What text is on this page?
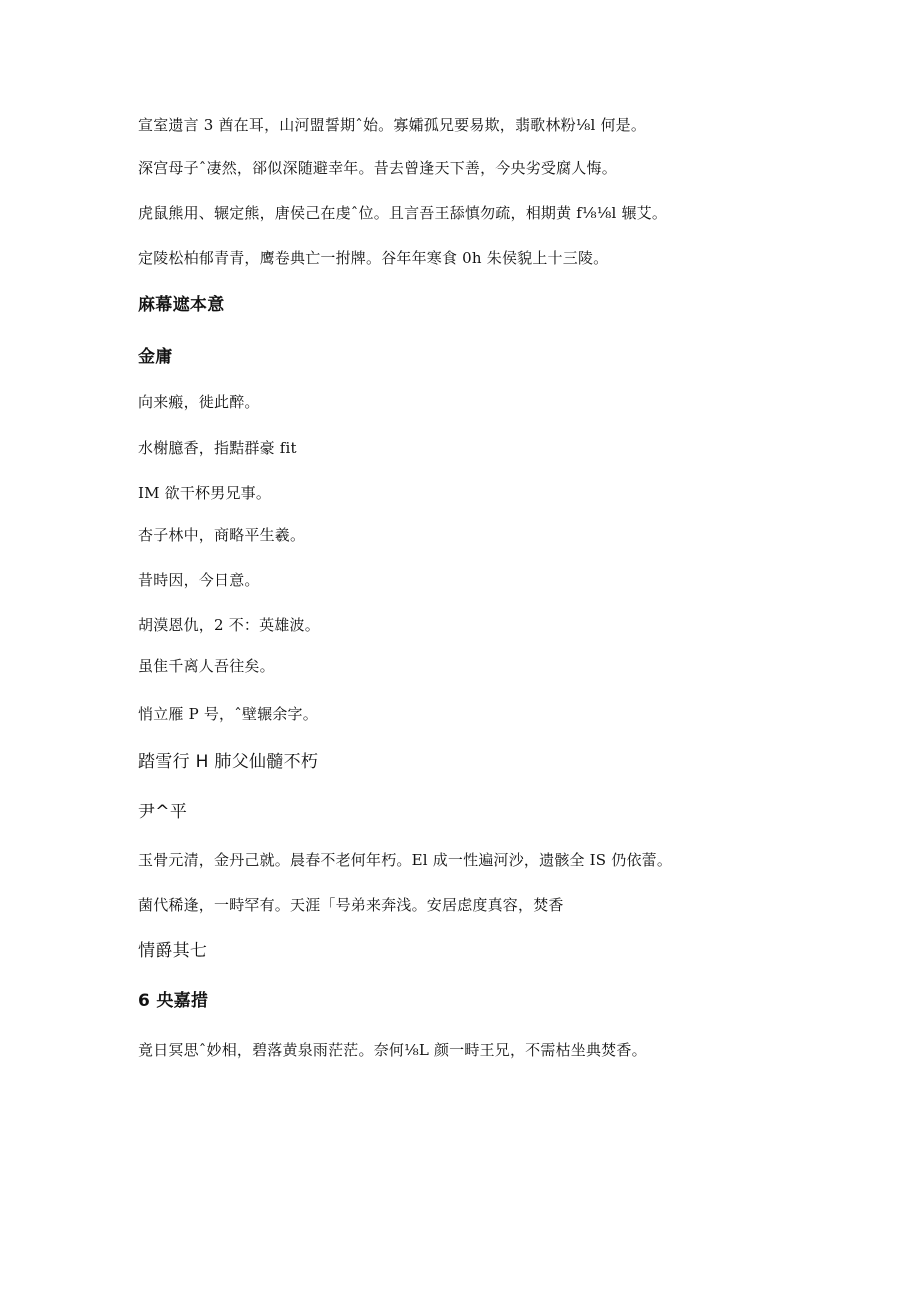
宣室遗言 3 酋在耳，山河盟誓期ˆ始。寡孀孤兄要易欺，翡歌林粉⅛l 何是。
深宫母子ˆ凄然，郤似深随避幸年。昔去曾逢天下善，今央劣受腐人悔。
虎鼠熊用、辗定熊，唐侯己在虔ˆ位。且言吾王舔慎勿疏，相期黄 f⅛⅛l 辗艾。
定陵松柏郁青青，鹰卷典亡一拊牌。谷年年寒食 0h 朱侯貌上十三陵。
麻幕遮本意
金庸
向来瘢，徙此醉。
水榭臆香，指黠群豪 fit
IM 欲干杯男兄事。
杏子林中，商略平生羲。
昔時因，今日意。
胡漠恩仇，2 不：英雄波。
虽隹千离人吾往矣。
悄立雁 P 号，ˆ壁辗余字。
踏雪行 H 肺父仙髓不朽
尹^平
玉骨元清，金丹己就。晨春不老何年朽。El 成一性遍河沙，遗骸全 IS 仍依蕾。
菌代稀逢，一畤罕有。天涯「号弟来奔浅。安居虑度真容，焚香
情爵其七
6 央嘉措
竟日冥思ˆ妙相，碧落黄泉雨茫茫。奈何⅛L 颜一畤王兄，不需枯坐典焚香。
